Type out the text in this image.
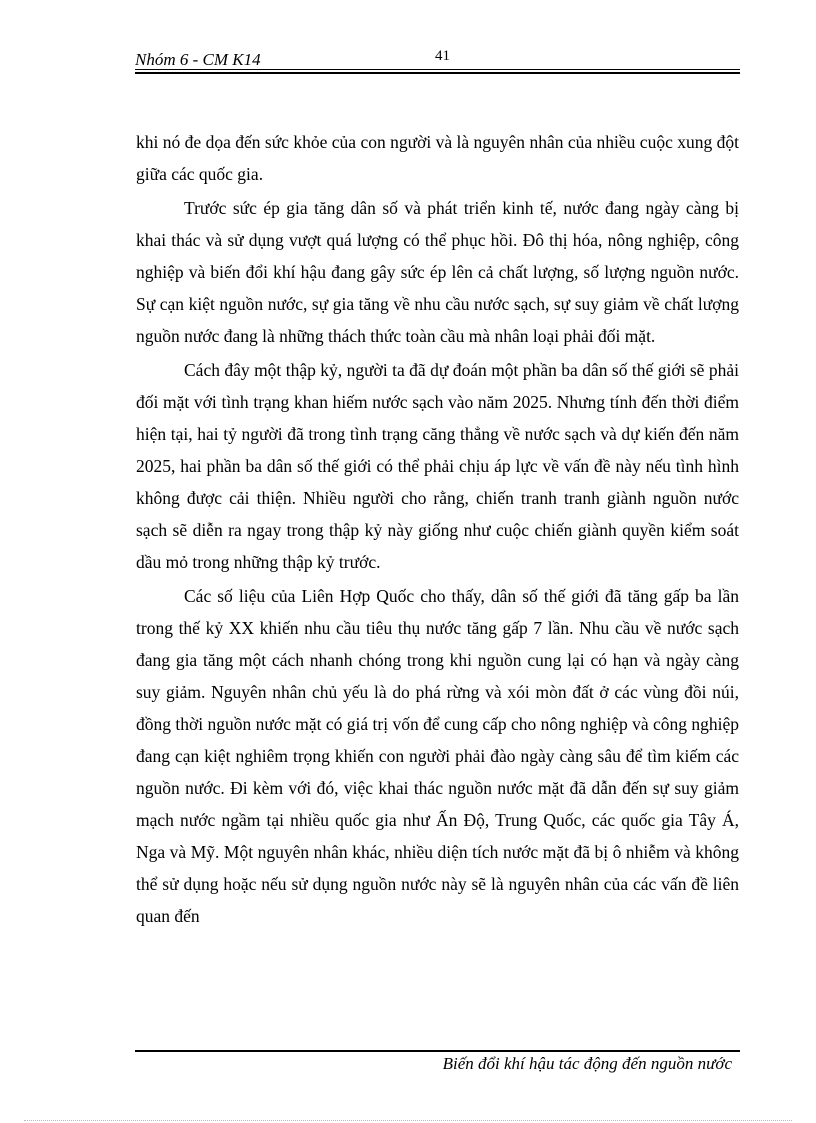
Nhóm 6 - CM K14	41

khi nó đe dọa đến sức khỏe của con người và là nguyên nhân của nhiều cuộc xung đột giữa các quốc gia.

Trước sức ép gia tăng dân số và phát triển kinh tế, nước đang ngày càng bị khai thác và sử dụng vượt quá lượng có thể phục hồi. Đô thị hóa, nông nghiệp, công nghiệp và biến đổi khí hậu đang gây sức ép lên cả chất lượng, số lượng nguồn nước. Sự cạn kiệt nguồn nước, sự gia tăng về nhu cầu nước sạch, sự suy giảm về chất lượng nguồn nước đang là những thách thức toàn cầu mà nhân loại phải đối mặt.

Cách đây một thập kỷ, người ta đã dự đoán một phần ba dân số thế giới sẽ phải đối mặt với tình trạng khan hiếm nước sạch vào năm 2025. Nhưng tính đến thời điểm hiện tại, hai tỷ người đã trong tình trạng căng thẳng về nước sạch và dự kiến đến năm 2025, hai phần ba dân số thế giới có thể phải chịu áp lực về vấn đề này nếu tình hình không được cải thiện. Nhiều người cho rằng, chiến tranh tranh giành nguồn nước sạch sẽ diễn ra ngay trong thập kỷ này giống như cuộc chiến giành quyền kiểm soát dầu mỏ trong những thập kỷ trước.

Các số liệu của Liên Hợp Quốc cho thấy, dân số thế giới đã tăng gấp ba lần trong thế kỷ XX khiến nhu cầu tiêu thụ nước tăng gấp 7 lần. Nhu cầu về nước sạch đang gia tăng một cách nhanh chóng trong khi nguồn cung lại có hạn và ngày càng suy giảm. Nguyên nhân chủ yếu là do phá rừng và xói mòn đất ở các vùng đồi núi, đồng thời nguồn nước mặt có giá trị vốn để cung cấp cho nông nghiệp và công nghiệp đang cạn kiệt nghiêm trọng khiến con người phải đào ngày càng sâu để tìm kiếm các nguồn nước. Đi kèm với đó, việc khai thác nguồn nước mặt đã dẫn đến sự suy giảm mạch nước ngầm tại nhiều quốc gia như Ấn Độ, Trung Quốc, các quốc gia Tây Á, Nga và Mỹ. Một nguyên nhân khác, nhiều diện tích nước mặt đã bị ô nhiễm và không thể sử dụng hoặc nếu sử dụng nguồn nước này sẽ là nguyên nhân của các vấn đề liên quan đến

Biến đổi khí hậu tác động đến nguồn nước
